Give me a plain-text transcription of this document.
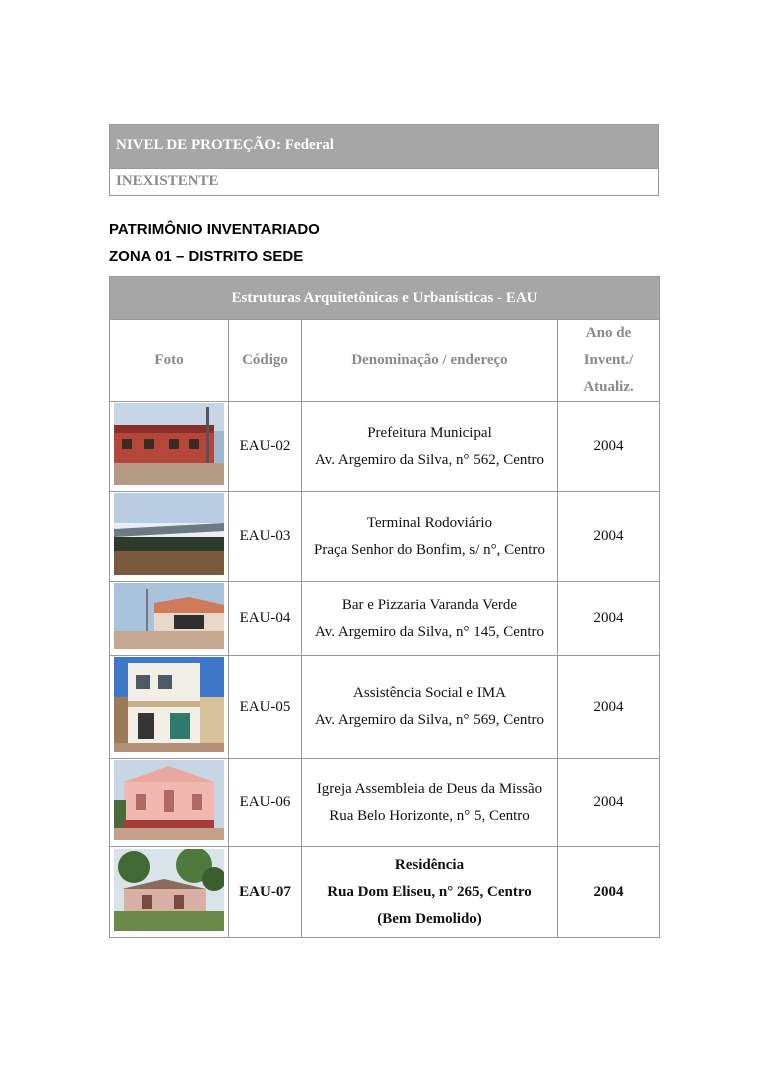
NIVEL DE PROTEÇÃO: Federal
INEXISTENTE
PATRIMÔNIO INVENTARIADO
ZONA 01 – DISTRITO SEDE
Estruturas Arquitetônicas e Urbanísticas - EAU			
Foto	Código	Denominação / endereço	Ano de
Invent./
Atualiz.

	EAU-02	Prefeitura Municipal
Av. Argemiro da Silva, n° 562, Centro	2004
	EAU-03	Terminal Rodoviário
Praça Senhor do Bonfim, s/ n°, Centro	2004
	EAU-04	Bar e Pizzaria Varanda Verde
Av. Argemiro da Silva, n° 145, Centro	2004
	EAU-05	Assistência Social e IMA
Av. Argemiro da Silva, n° 569, Centro	2004
	EAU-06	Igreja Assembleia de Deus da Missão
Rua Belo Horizonte, n° 5, Centro	2004
	EAU-07	Residência
Rua Dom Eliseu, n° 265, Centro
(Bem Demolido)	2004
